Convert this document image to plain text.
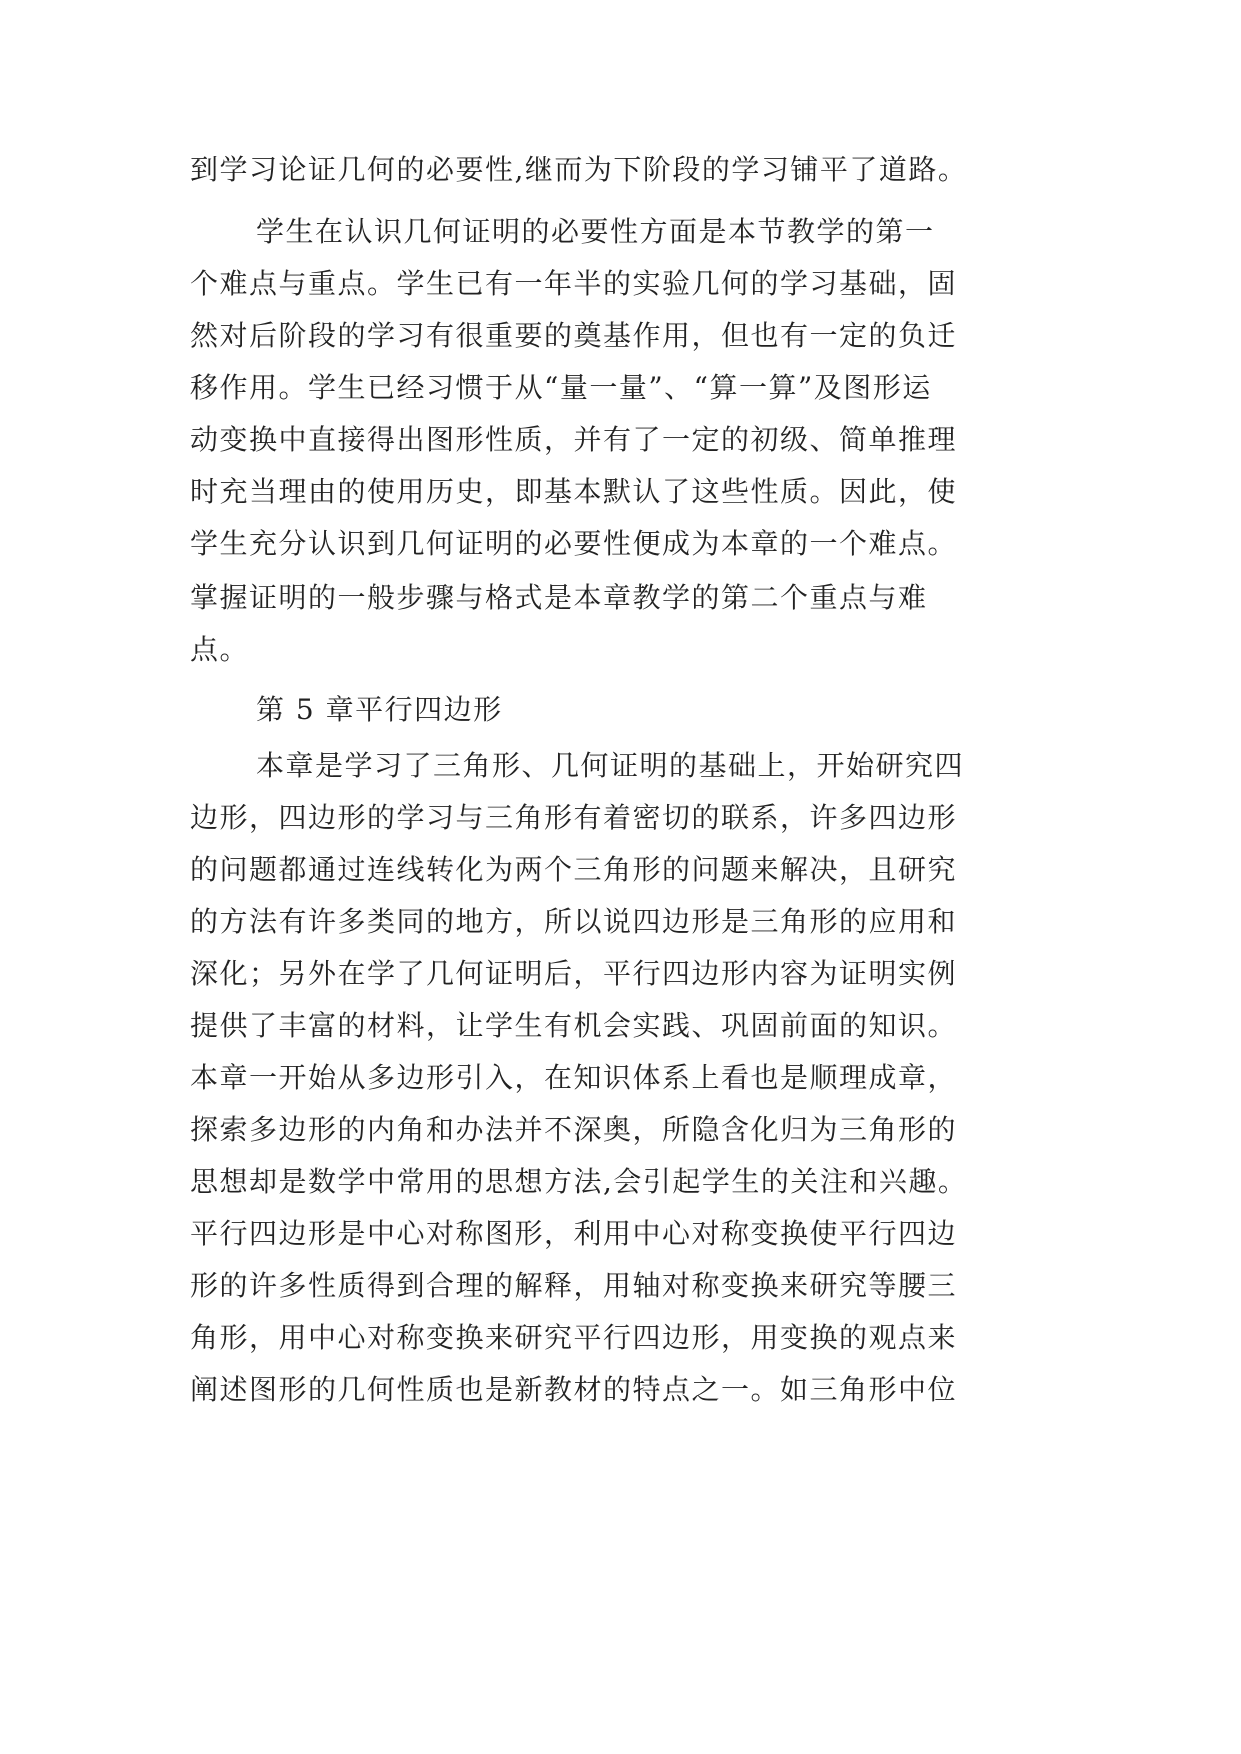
到学习论证几何的必要性,继而为下阶段的学习铺平了道路。
学生在认识几何证明的必要性方面是本节教学的第一
个难点与重点。学生已有一年半的实验几何的学习基础，固
然对后阶段的学习有很重要的奠基作用，但也有一定的负迁
移作用。学生已经习惯于从“量一量”、“算一算”及图形运
动变换中直接得出图形性质，并有了一定的初级、简单推理
时充当理由的使用历史，即基本默认了这些性质。因此，使
学生充分认识到几何证明的必要性便成为本章的一个难点。
掌握证明的一般步骤与格式是本章教学的第二个重点与难
点。
第 5 章平行四边形
本章是学习了三角形、几何证明的基础上，开始研究四
边形，四边形的学习与三角形有着密切的联系，许多四边形
的问题都通过连线转化为两个三角形的问题来解决，且研究
的方法有许多类同的地方，所以说四边形是三角形的应用和
深化；另外在学了几何证明后，平行四边形内容为证明实例
提供了丰富的材料，让学生有机会实践、巩固前面的知识。
本章一开始从多边形引入，在知识体系上看也是顺理成章，
探索多边形的内角和办法并不深奥，所隐含化归为三角形的
思想却是数学中常用的思想方法,会引起学生的关注和兴趣。
平行四边形是中心对称图形，利用中心对称变换使平行四边
形的许多性质得到合理的解释，用轴对称变换来研究等腰三
角形，用中心对称变换来研究平行四边形，用变换的观点来
阐述图形的几何性质也是新教材的特点之一。如三角形中位
